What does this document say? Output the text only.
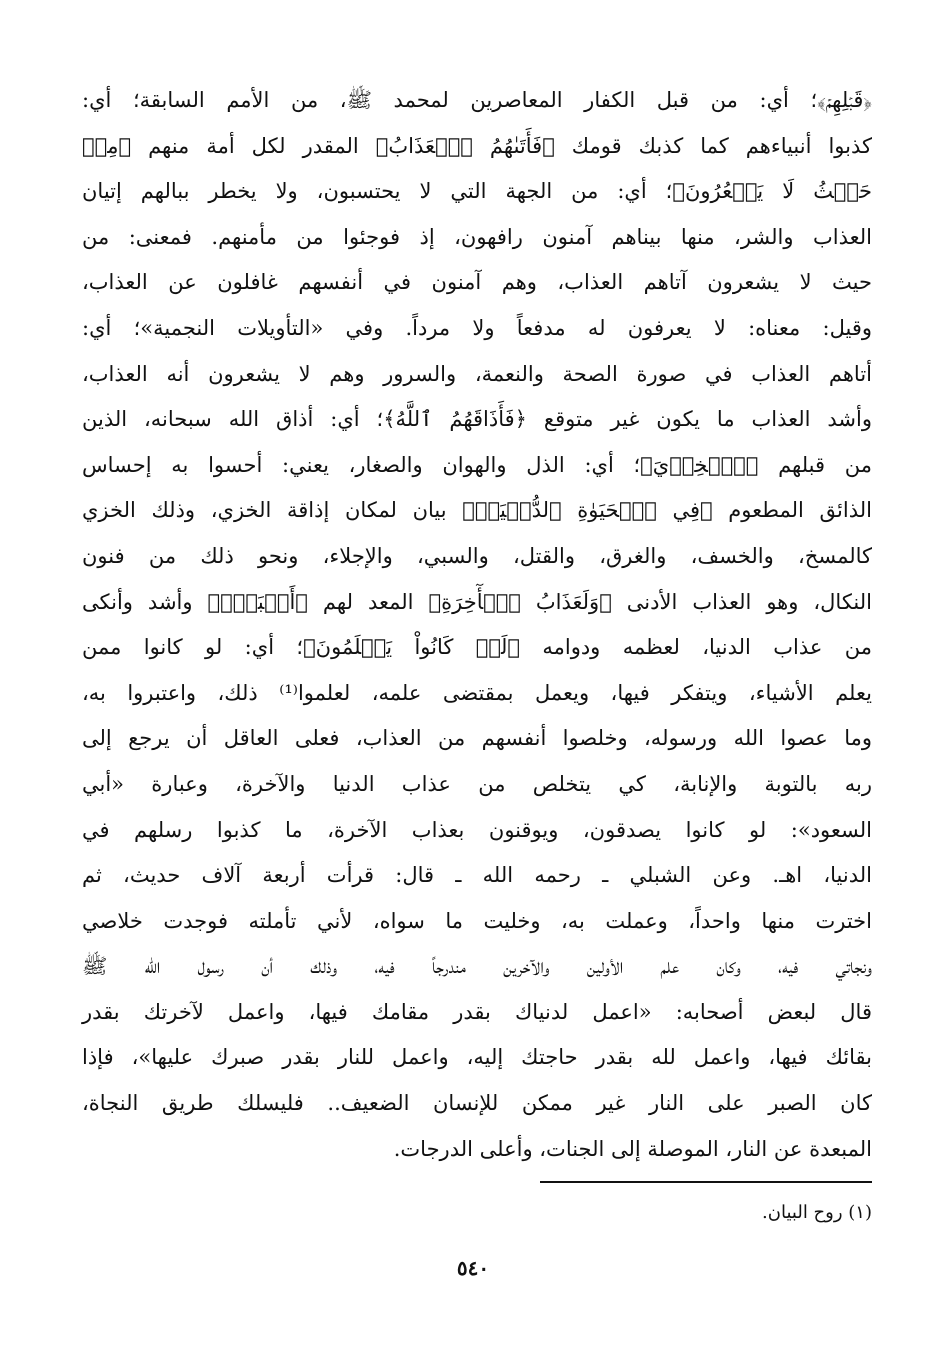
﴿قَبۡلِهِمۡ﴾؛ أي: من قبل الكفار المعاصرين لمحمد ﷺ، من الأمم السابقة؛ أي:
كذبوا أنبياءهم كما كذبك قومك ﴿فَأَتَىٰهُمُ ٱلۡعَذَابُ﴾ المقدر لكل أمة منهم ﴿مِنۡ
حَيۡثُ لَا يَشۡعُرُونَ﴾؛ أي: من الجهة التي لا يحتسبون، ولا يخطر ببالهم إتيان
العذاب والشر، منها بيناهم آمنون رافهون، إذ فوجئوا من مأمنهم. فمعنى: من
حيث لا يشعرون آتاهم العذاب، وهم آمنون في أنفسهم غافلون عن العذاب،
وقيل: معناه: لا يعرفون له مدفعاً ولا مرداً. وفي «التأويلات النجمية»؛ أي:
أتاهم العذاب في صورة الصحة والنعمة، والسرور وهم لا يشعرون أنه العذاب،
وأشد العذاب ما يكون غير متوقع ﴿فَأَذَاقَهُمُ ٱللَّهُ﴾؛ أي: أذاق الله سبحانه، الذين
من قبلهم ﴿ٱلۡخِزۡيَ﴾؛ أي: الذل والهوان والصغار، يعني: أحسوا به إحساس
الذائق المطعوم ﴿فِي ٱلۡحَيَوٰةِ ٱلدُّنۡيَاۖ﴾ بيان لمكان إذاقة الخزي، وذلك الخزي
كالمسخ، والخسف، والغرق، والقتل، والسبي، والإجلاء، ونحو ذلك من فنون
النكال، وهو العذاب الأدنى ﴿وَلَعَذَابُ ٱلۡأٓخِرَةِ﴾ المعد لهم ﴿أَكۡبَرُۚ﴾ وأشد وأنكى
من عذاب الدنيا، لعظمه ودوامه ﴿لَوۡ كَانُواْ يَعۡلَمُونَ﴾؛ أي: لو كانوا ممن
يعلم الأشياء، ويتفكر فيها، ويعمل بمقتضى علمه، لعلموا⁽¹⁾ ذلك، واعتبروا به،
وما عصوا الله ورسوله، وخلصوا أنفسهم من العذاب، فعلى العاقل أن يرجع إلى
ربه بالتوبة والإنابة، كي يتخلص من عذاب الدنيا والآخرة، وعبارة «أبي
السعود»: لو كانوا يصدقون، ويوقنون بعذاب الآخرة، ما كذبوا رسلهم في
الدنيا، اهـ. وعن الشبلي ـ رحمه الله ـ قال: قرأت أربعة آلاف حديث، ثم
اخترت منها واحداً، وعملت به، وخليت ما سواه، لأني تأملته فوجدت خلاصي
ونجاتي فيه، وكان علم الأولين والآخرين مندرجاً فيه، وذلك أن رسول الله ﷺ
قال لبعض أصحابه: «اعمل لدنياك بقدر مقامك فيها، واعمل لآخرتك بقدر
بقائك فيها، واعمل لله بقدر حاجتك إليه، واعمل للنار بقدر صبرك عليها»، فإذا
كان الصبر على النار غير ممكن للإنسان الضعيف.. فليسلك طريق النجاة،
المبعدة عن النار، الموصلة إلى الجنات، وأعلى الدرجات.
(١) روح البيان.
٥٤٠
